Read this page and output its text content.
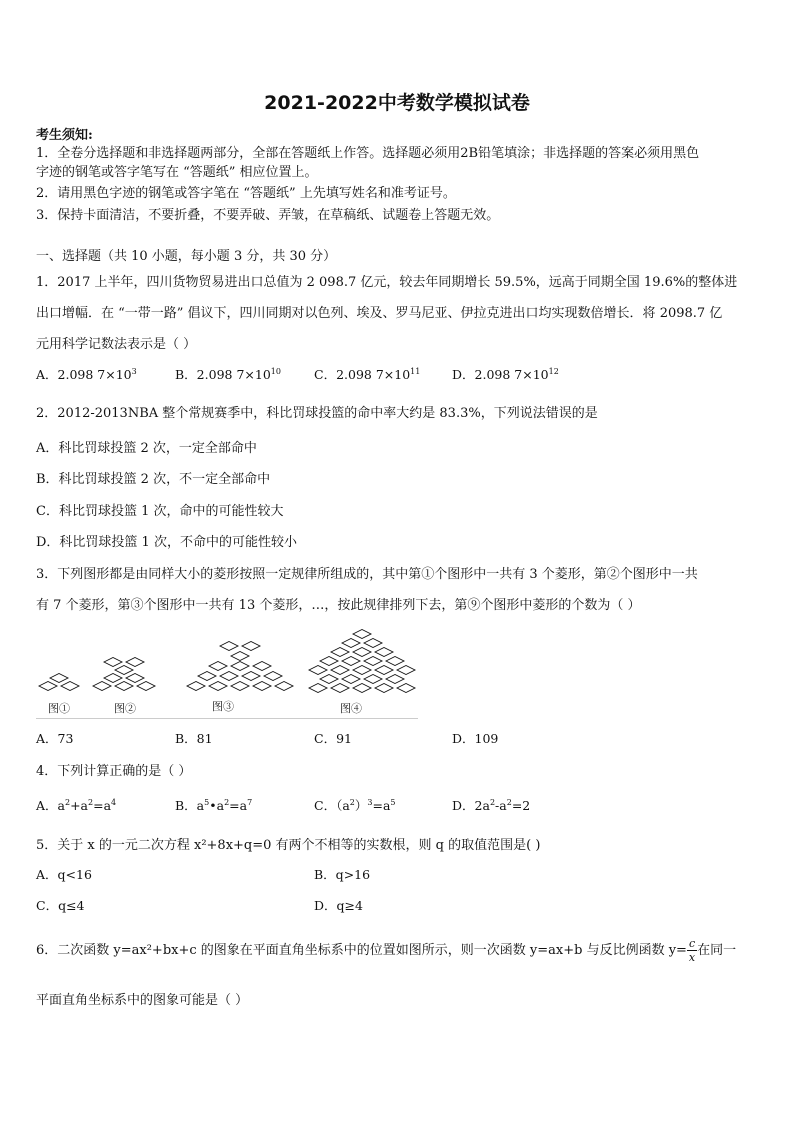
2021-2022中考数学模拟试卷
考生须知:
1．全卷分选择题和非选择题两部分，全部在答题纸上作答。选择题必须用2B铅笔填涂；非选择题的答案必须用黑色
字迹的钢笔或答字笔写在 “答题纸” 相应位置上。
2．请用黑色字迹的钢笔或答字笔在 “答题纸” 上先填写姓名和准考证号。
3．保持卡面清洁，不要折叠，不要弄破、弄皱，在草稿纸、试题卷上答题无效。
一、选择题（共 10 小题，每小题 3 分，共 30 分）
1．2017 上半年，四川货物贸易进出口总值为 2 098.7 亿元，较去年同期增长 59.5%，远高于同期全国 19.6%的整体进
出口增幅．在 “一带一路” 倡议下，四川同期对以色列、埃及、罗马尼亚、伊拉克进出口均实现数倍增长．将 2098.7 亿
元用科学记数法表示是（ ）
A．2.098 $7\times 10^3$	B．2.098 $7\times 10^{10}$	C．2.098 $7\times 10^{11}$	D．2.098 $7\times 10^{12}$
2．2012-2013NBA 整个常规赛季中，科比罚球投篮的命中率大约是 83.3%，下列说法错误的是
A．科比罚球投篮 2 次，一定全部命中
B．科比罚球投篮 2 次，不一定全部命中
C．科比罚球投篮 1 次，命中的可能性较大
D．科比罚球投篮 1 次，不命中的可能性较小
3．下列图形都是由同样大小的菱形按照一定规律所组成的，其中第①个图形中一共有 3 个菱形，第②个图形中一共
有 7 个菱形，第③个图形中一共有 13 个菱形，…，按此规律排列下去，第⑨个图形中菱形的个数为（ ）
图①	图②	图③	图④
A．73	B．81	C．91	D．109
4．下列计算正确的是（ ）
A．$a^2+a^2=a^4$	B．$a^5•a^2=a^7$	C．$(a^2)^3=a^5$	D．$2a^2-a^2=2$
5．关于 x 的一元二次方程 x²+8x+q=0 有两个不相等的实数根，则 q 的取值范围是( )
A．q<16	B．q>16
C．q≤4	D．q≥4
6．二次函数 y=ax²+bx+c 的图象在平面直角坐标系中的位置如图所示，则一次函数 y=ax+b 与反比例函数 $y= \frac{c}{x}$ 在同一
平面直角坐标系中的图象可能是（ ）
